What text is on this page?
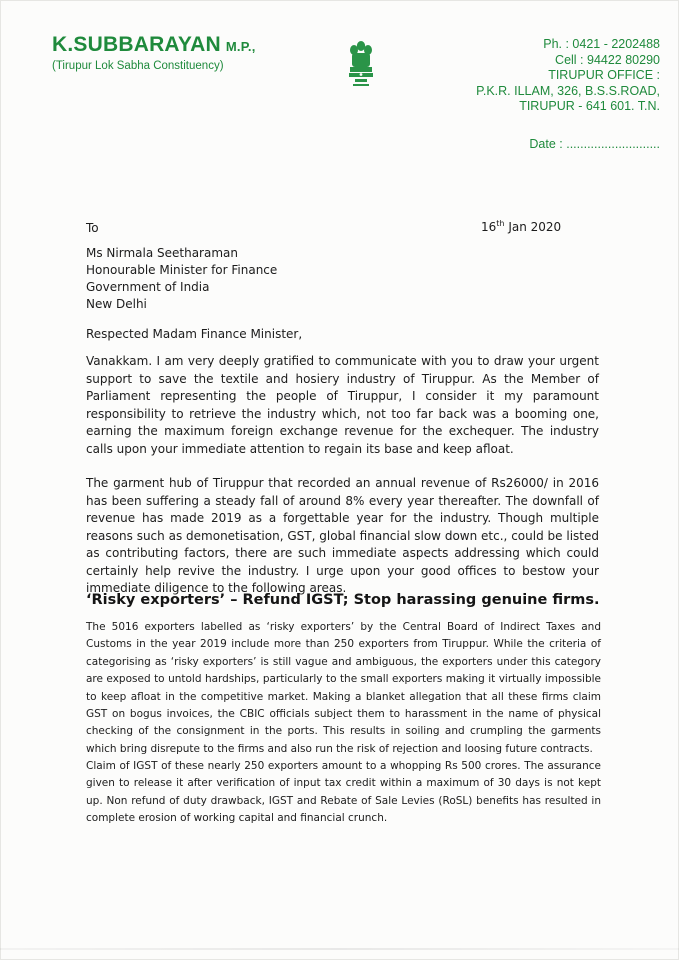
K.SUBBARAYAN M.P.,
(Tirupur Lok Sabha Constituency)
Ph. : 0421 - 2202488
Cell : 94422 80290
TIRUPUR OFFICE :
P.K.R. ILLAM, 326, B.S.S.ROAD,
TIRUPUR - 641 601. T.N.
Date : ...........................
To	16th Jan 2020
Ms Nirmala Seetharaman
Honourable Minister for Finance
Government of India
New Delhi
Respected Madam Finance Minister,

Vanakkam. I am very deeply gratified to communicate with you to draw your urgent support to save the textile and hosiery industry of Tiruppur. As the Member of Parliament representing the people of Tiruppur, I consider it my paramount responsibility to retrieve the industry which, not too far back was a booming one, earning the maximum foreign exchange revenue for the exchequer. The industry calls upon your immediate attention to regain its base and keep afloat.

The garment hub of Tiruppur that recorded an annual revenue of Rs26000/ in 2016 has been suffering a steady fall of around 8% every year thereafter. The downfall of revenue has made 2019 as a forgettable year for the industry. Though multiple reasons such as demonetisation, GST, global financial slow down etc., could be listed as contributing factors, there are such immediate aspects addressing which could certainly help revive the industry. I urge upon your good offices to bestow your immediate diligence to the following areas.

‘Risky exporters’ – Refund IGST; Stop harassing genuine firms.

The 5016 exporters labelled as ‘risky exporters’ by the Central Board of Indirect Taxes and Customs in the year 2019 include more than 250 exporters from Tiruppur. While the criteria of categorising as ‘risky exporters’ is still vague and ambiguous, the exporters under this category are exposed to untold hardships, particularly to the small exporters making it virtually impossible to keep afloat in the competitive market. Making a blanket allegation that all these firms claim GST on bogus invoices, the CBIC officials subject them to harassment in the name of physical checking of the consignment in the ports. This results in soiling and crumpling the garments which bring disrepute to the firms and also run the risk of rejection and loosing future contracts.

Claim of IGST of these nearly 250 exporters amount to a whopping Rs 500 crores. The assurance given to release it after verification of input tax credit within a maximum of 30 days is not kept up. Non refund of duty drawback, IGST and Rebate of Sale Levies (RoSL) benefits has resulted in complete erosion of working capital and financial crunch.
